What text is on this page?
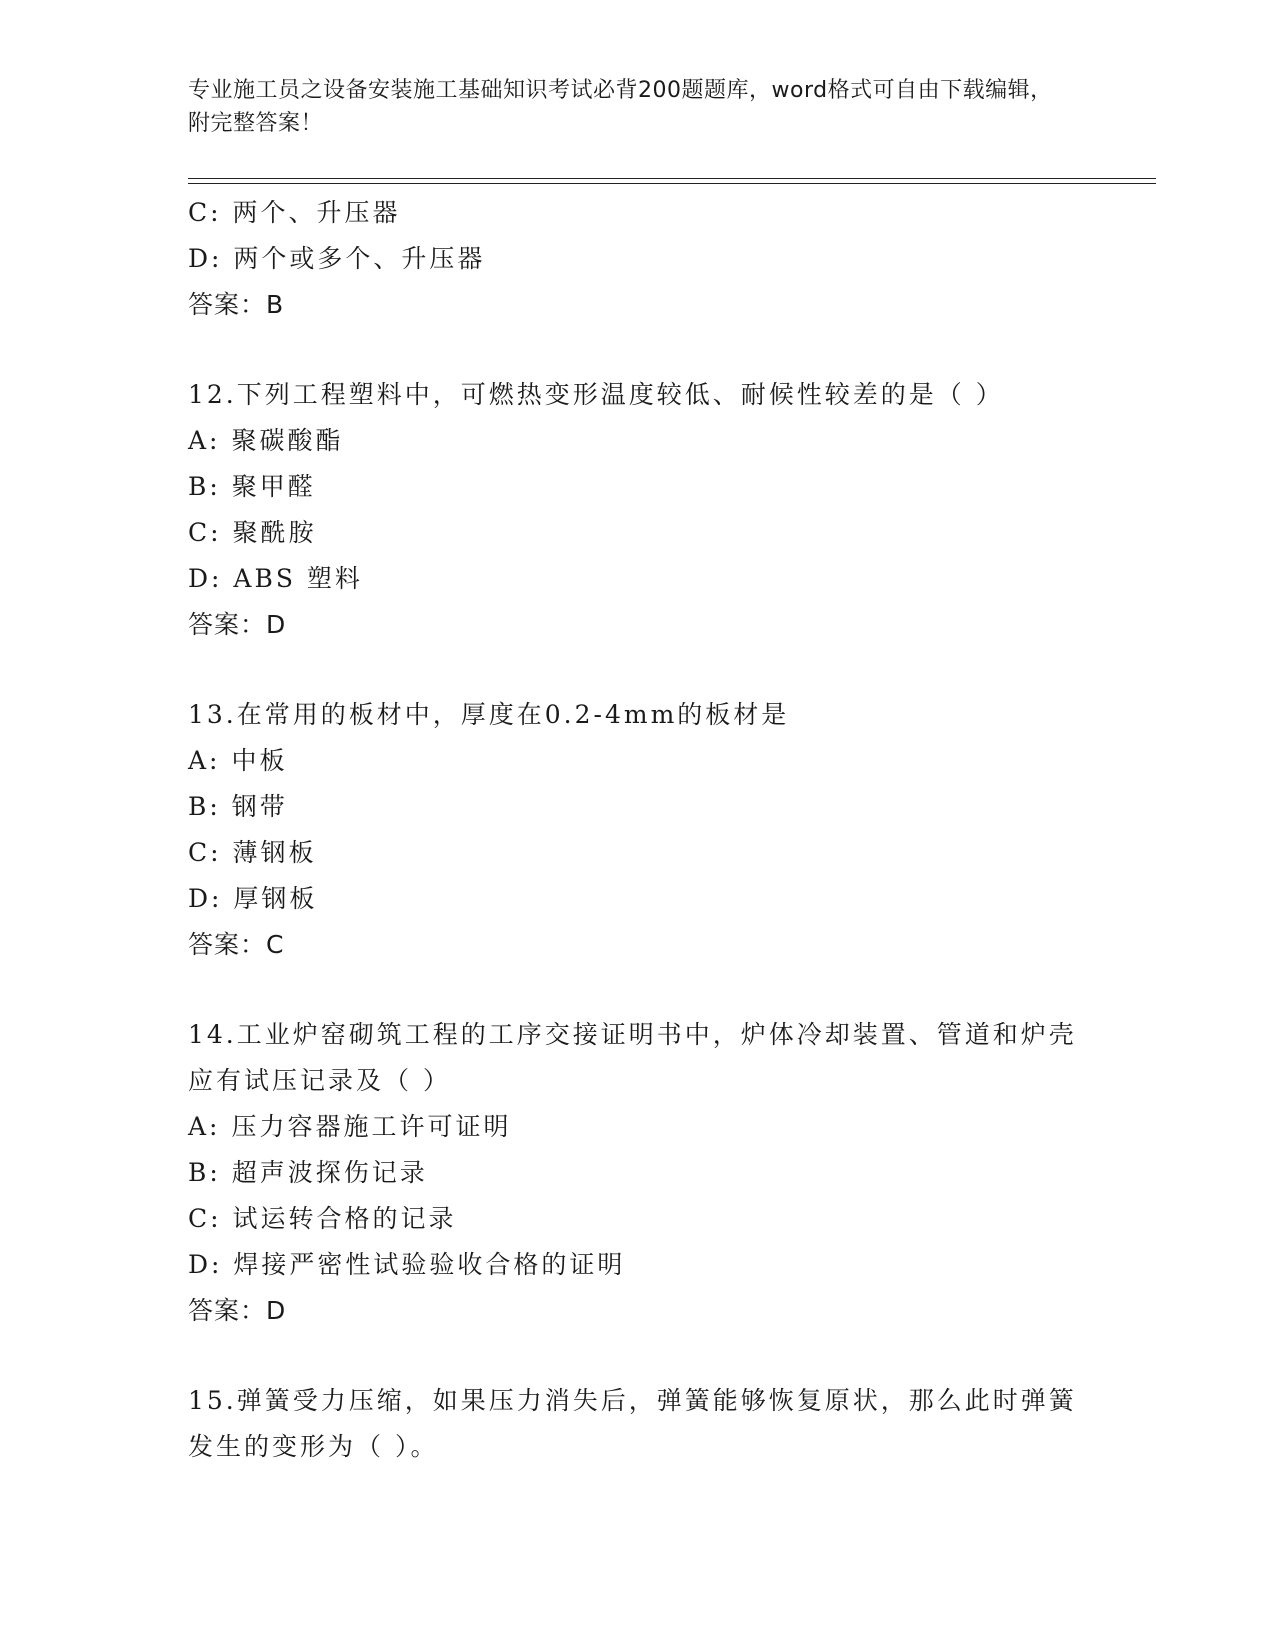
专业施工员之设备安装施工基础知识考试必背200题题库，word格式可自由下载编辑，附完整答案！
C: 两个、升压器
D: 两个或多个、升压器
答案：B
12.下列工程塑料中，可燃热变形温度较低、耐候性较差的是（ ）
A: 聚碳酸酯
B: 聚甲醛
C: 聚酰胺
D: ABS 塑料
答案：D
13.在常用的板材中，厚度在0.2-4mm的板材是
A: 中板
B: 钢带
C: 薄钢板
D: 厚钢板
答案：C
14.工业炉窑砌筑工程的工序交接证明书中，炉体冷却装置、管道和炉壳应有试压记录及（ ）
A: 压力容器施工许可证明
B: 超声波探伤记录
C: 试运转合格的记录
D: 焊接严密性试验验收合格的证明
答案：D
15.弹簧受力压缩，如果压力消失后，弹簧能够恢复原状，那么此时弹簧发生的变形为（ ）。
